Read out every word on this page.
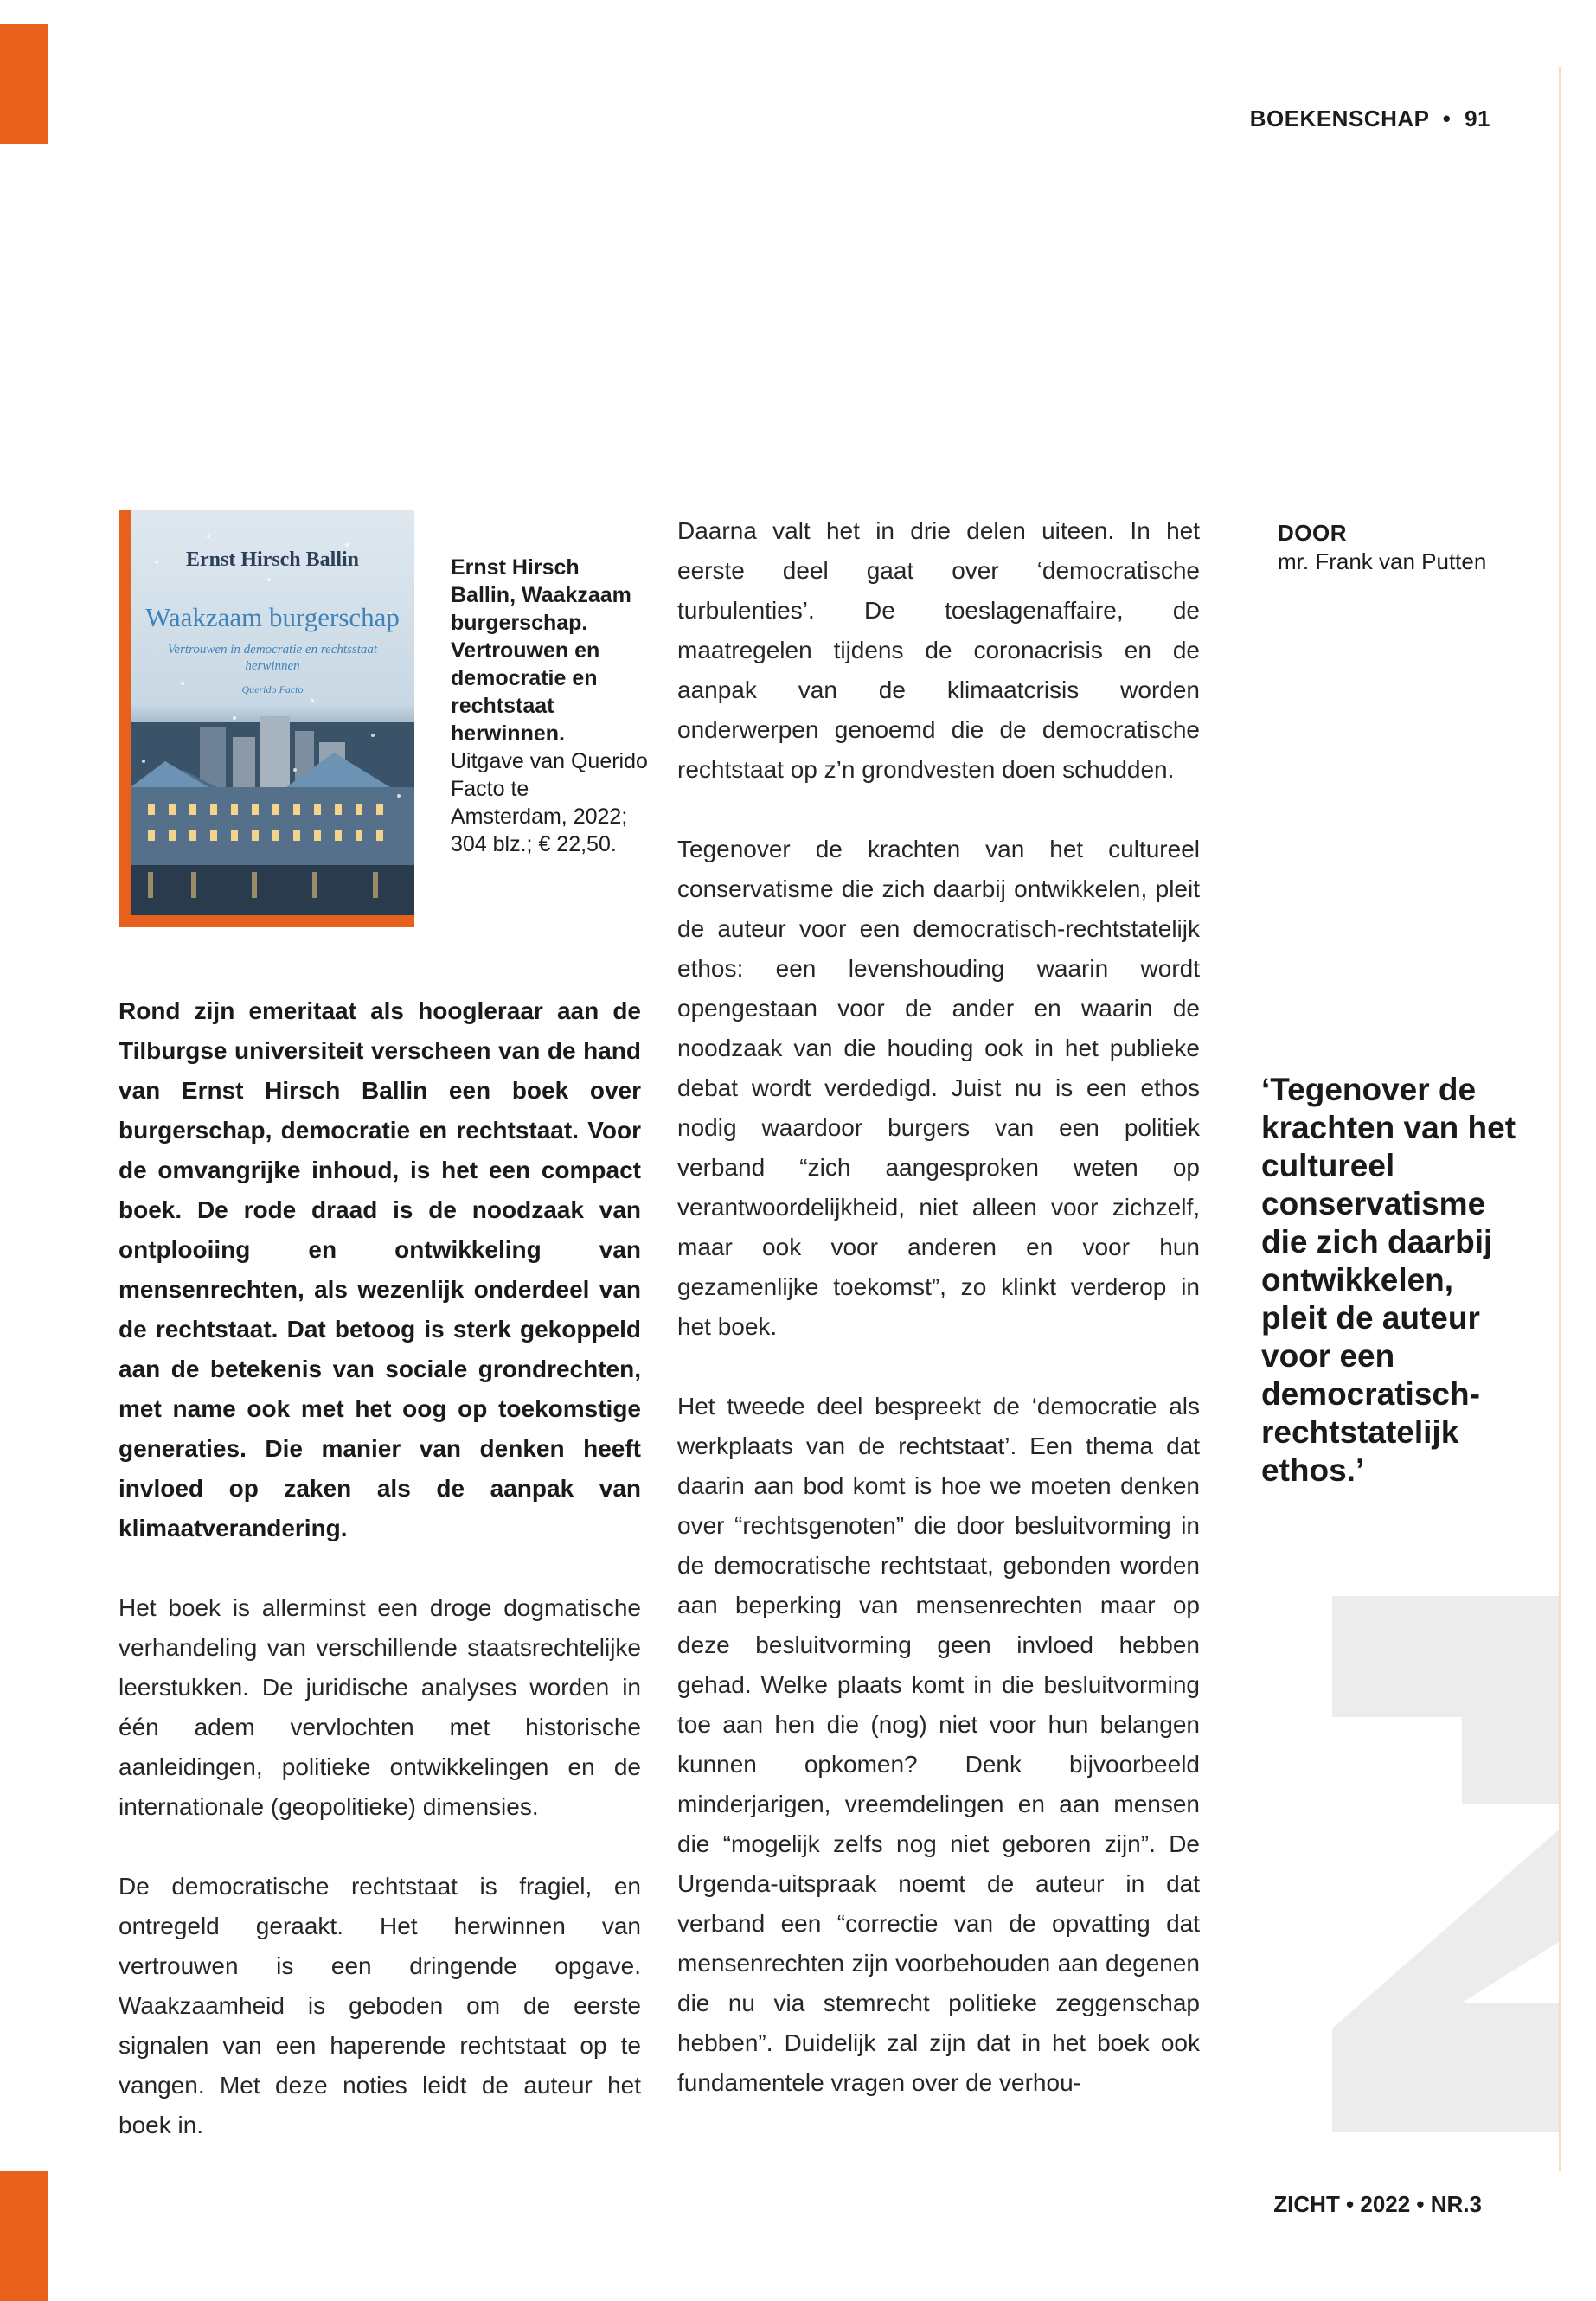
BOEKENSCHAP • 91
DOOR
mr. Frank van Putten
Ernst Hirsch Ballin
Waakzaam burgerschap
Vertrouwen in democratie en rechtsstaat herwinnen
Querido Facto
Ernst Hirsch Ballin, Waakzaam burgerschap. Vertrouwen en democratie en rechtstaat herwinnen.
Uitgave van Querido Facto te Amsterdam, 2022; 304 blz.; € 22,50.

Rond zijn emeritaat als hoogleraar aan de Tilburgse universiteit verscheen van de hand van Ernst Hirsch Ballin een boek over burgerschap, democratie en rechtstaat. Voor de omvangrijke inhoud, is het een compact boek. De rode draad is de noodzaak van ontplooiing en ontwikkeling van mensenrechten, als wezenlijk onderdeel van de rechtstaat. Dat betoog is sterk gekoppeld aan de betekenis van sociale grondrechten, met name ook met het oog op toekomstige generaties. Die manier van denken heeft invloed op zaken als de aanpak van klimaatverandering.

Het boek is allerminst een droge dogmatische verhandeling van verschillende staatsrechtelijke leerstukken. De juridische analyses worden in één adem vervlochten met historische aanleidingen, politieke ontwikkelingen en de internationale (geopolitieke) dimensies.

De democratische rechtstaat is fragiel, en ontregeld geraakt. Het herwinnen van vertrouwen is een dringende opgave. Waakzaamheid is geboden om de eerste signalen van een haperende rechtstaat op te vangen. Met deze noties leidt de auteur het boek in.

Daarna valt het in drie delen uiteen. In het eerste deel gaat over ‘democratische turbulenties’. De toeslagenaffaire, de maatregelen tijdens de coronacrisis en de aanpak van de klimaatcrisis worden onderwerpen genoemd die de democratische rechtstaat op z’n grondvesten doen schudden.

Tegenover de krachten van het cultureel conservatisme die zich daarbij ontwikkelen, pleit de auteur voor een democratisch-rechtstatelijk ethos: een levenshouding waarin wordt opengestaan voor de ander en waarin de noodzaak van die houding ook in het publieke debat wordt verdedigd. Juist nu is een ethos nodig waardoor burgers van een politiek verband “zich aangesproken weten op verantwoordelijkheid, niet alleen voor zichzelf, maar ook voor anderen en voor hun gezamenlijke toekomst”, zo klinkt verderop in het boek.

Het tweede deel bespreekt de ‘democratie als werkplaats van de rechtstaat’. Een thema dat daarin aan bod komt is hoe we moeten denken over “rechtsgenoten” die door besluitvorming in de democratische rechtstaat, gebonden worden aan beperking van mensenrechten maar op deze besluitvorming geen invloed hebben gehad. Welke plaats komt in die besluitvorming toe aan hen die (nog) niet voor hun belangen kunnen opkomen? Denk bijvoorbeeld minderjarigen, vreemdelingen en aan mensen die “mogelijk zelfs nog niet geboren zijn”. De Urgenda-uitspraak noemt de auteur in dat verband een “correctie van de opvatting dat mensenrechten zijn voorbehouden aan degenen die nu via stemrecht politieke zeggenschap hebben”. Duidelijk zal zijn dat in het boek ook fundamentele vragen over de verhou-

‘Tegenover de krachten van het cultureel conservatisme die zich daarbij ontwikkelen, pleit de auteur voor een democratisch-rechtstatelijk ethos.’
ZICHT • 2022 • NR.3
